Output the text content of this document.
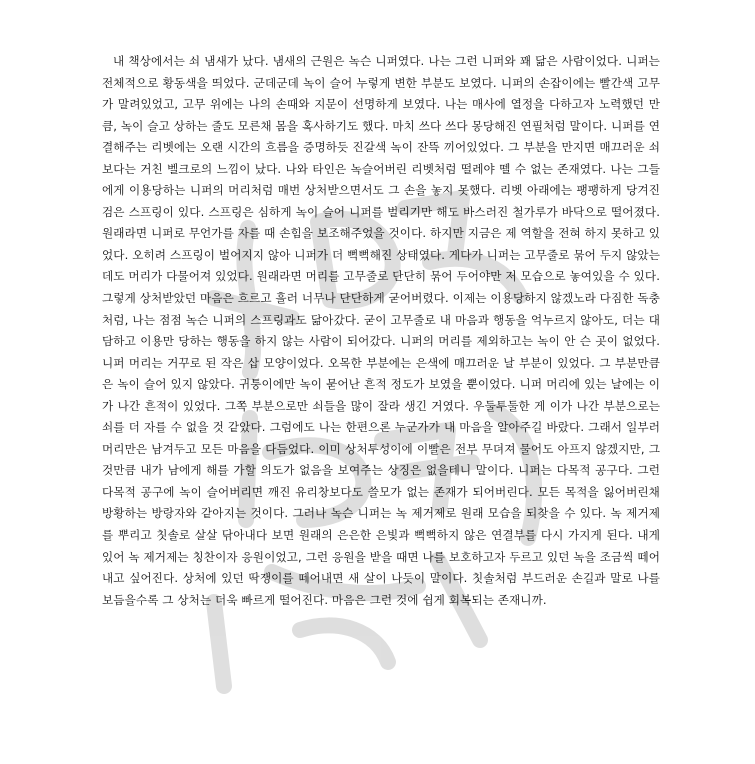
내 책상에서는 쇠 냄새가 났다. 냄새의 근원은 녹슨 니퍼였다. 나는 그런 니퍼와 꽤 닮은 사람이었다. 니퍼는 전체적으로 황동색을 띄었다. 군데군데 녹이 슬어 누렇게 변한 부분도 보였다. 니퍼의 손잡이에는 빨간색 고무가 말려있었고, 고무 위에는 나의 손때와 지문이 선명하게 보였다. 나는 매사에 열정을 다하고자 노력했던 만큼, 녹이 슬고 상하는 줄도 모른채 몸을 혹사하기도 했다. 마치 쓰다 쓰다 몽당해진 연필처럼 말이다. 니퍼를 연결해주는 리벳에는 오랜 시간의 흐름을 증명하듯 진갈색 녹이 잔뜩 끼어있었다. 그 부분을 만지면 매끄러운 쇠보다는 거친 벨크로의 느낌이 났다. 나와 타인은 녹슬어버린 리벳처럼 떨레야 뗄 수 없는 존재였다. 나는 그들에게 이용당하는 니퍼의 머리처럼 매번 상처받으면서도 그 손을 놓지 못했다. 리벳 아래에는 팽팽하게 당겨진 검은 스프링이 있다. 스프링은 심하게 녹이 슬어 니퍼를 벌리기만 해도 바스러진 철가루가 바닥으로 떨어졌다. 원래라면 니퍼로 무언가를 자를 때 손힘을 보조해주었을 것이다. 하지만 지금은 제 역할을 전혀 하지 못하고 있었다. 오히려 스프링이 벌어지지 않아 니퍼가 더 뻑뻑해진 상태였다. 게다가 니퍼는 고무줄로 묶어 두지 않았는데도 머리가 다물어져 있었다. 원래라면 머리를 고무줄로 단단히 묶어 두어야만 저 모습으로 놓여있을 수 있다. 그렇게 상처받았던 마음은 흐르고 흘러 너무나 단단하게 굳어버렸다. 이제는 이용당하지 않겠노라 다짐한 독충처럼, 나는 점점 녹슨 니퍼의 스프링과도 닮아갔다. 굳이 고무줄로 내 마음과 행동을 억누르지 않아도, 더는 대담하고 이용만 당하는 행동을 하지 않는 사람이 되어갔다. 니퍼의 머리를 제외하고는 녹이 안 슨 곳이 없었다. 니퍼 머리는 거꾸로 된 작은 삽 모양이었다. 오목한 부분에는 은색에 매끄러운 날 부분이 있었다. 그 부분만큼은 녹이 슬어 있지 않았다. 귀퉁이에만 녹이 묻어난 흔적 정도가 보였을 뿐이었다. 니퍼 머리에 있는 날에는 이가 나간 흔적이 있었다. 그쪽 부분으로만 쇠들을 많이 잘라 생긴 거였다. 우둘투둘한 게 이가 나간 부분으로는 쇠를 더 자를 수 없을 것 같았다. 그럼에도 나는 한편으론 누군가가 내 마음을 알아주길 바랐다. 그래서 일부러 머리만은 남겨두고 모든 마음을 다듬었다. 이미 상처투성이에 이빨은 전부 무뎌져 물어도 아프지 않겠지만, 그것만큼 내가 남에게 해를 가할 의도가 없음을 보여주는 상징은 없을테니 말이다. 니퍼는 다목적 공구다. 그런 다목적 공구에 녹이 슬어버리면 깨진 유리창보다도 쓸모가 없는 존재가 되어버린다. 모든 목적을 잃어버린채 방황하는 방랑자와 같아지는 것이다. 그러나 녹슨 니퍼는 녹 제거제로 원래 모습을 되찾을 수 있다. 녹 제거제를 뿌리고 칫솔로 살살 닦아내다 보면 원래의 은은한 은빛과 뻑뻑하지 않은 연결부를 다시 가지게 된다. 내게 있어 녹 제거제는 칭찬이자 응원이었고, 그런 응원을 받을 때면 나를 보호하고자 두르고 있던 녹을 조금씩 떼어내고 싶어진다. 상처에 있던 딱쟁이를 떼어내면 새 살이 나듯이 말이다. 칫솔처럼 부드러운 손길과 말로 나를 보듬을수록 그 상처는 더욱 빠르게 떨어진다. 마음은 그런 것에 쉽게 회복되는 존재니까.
